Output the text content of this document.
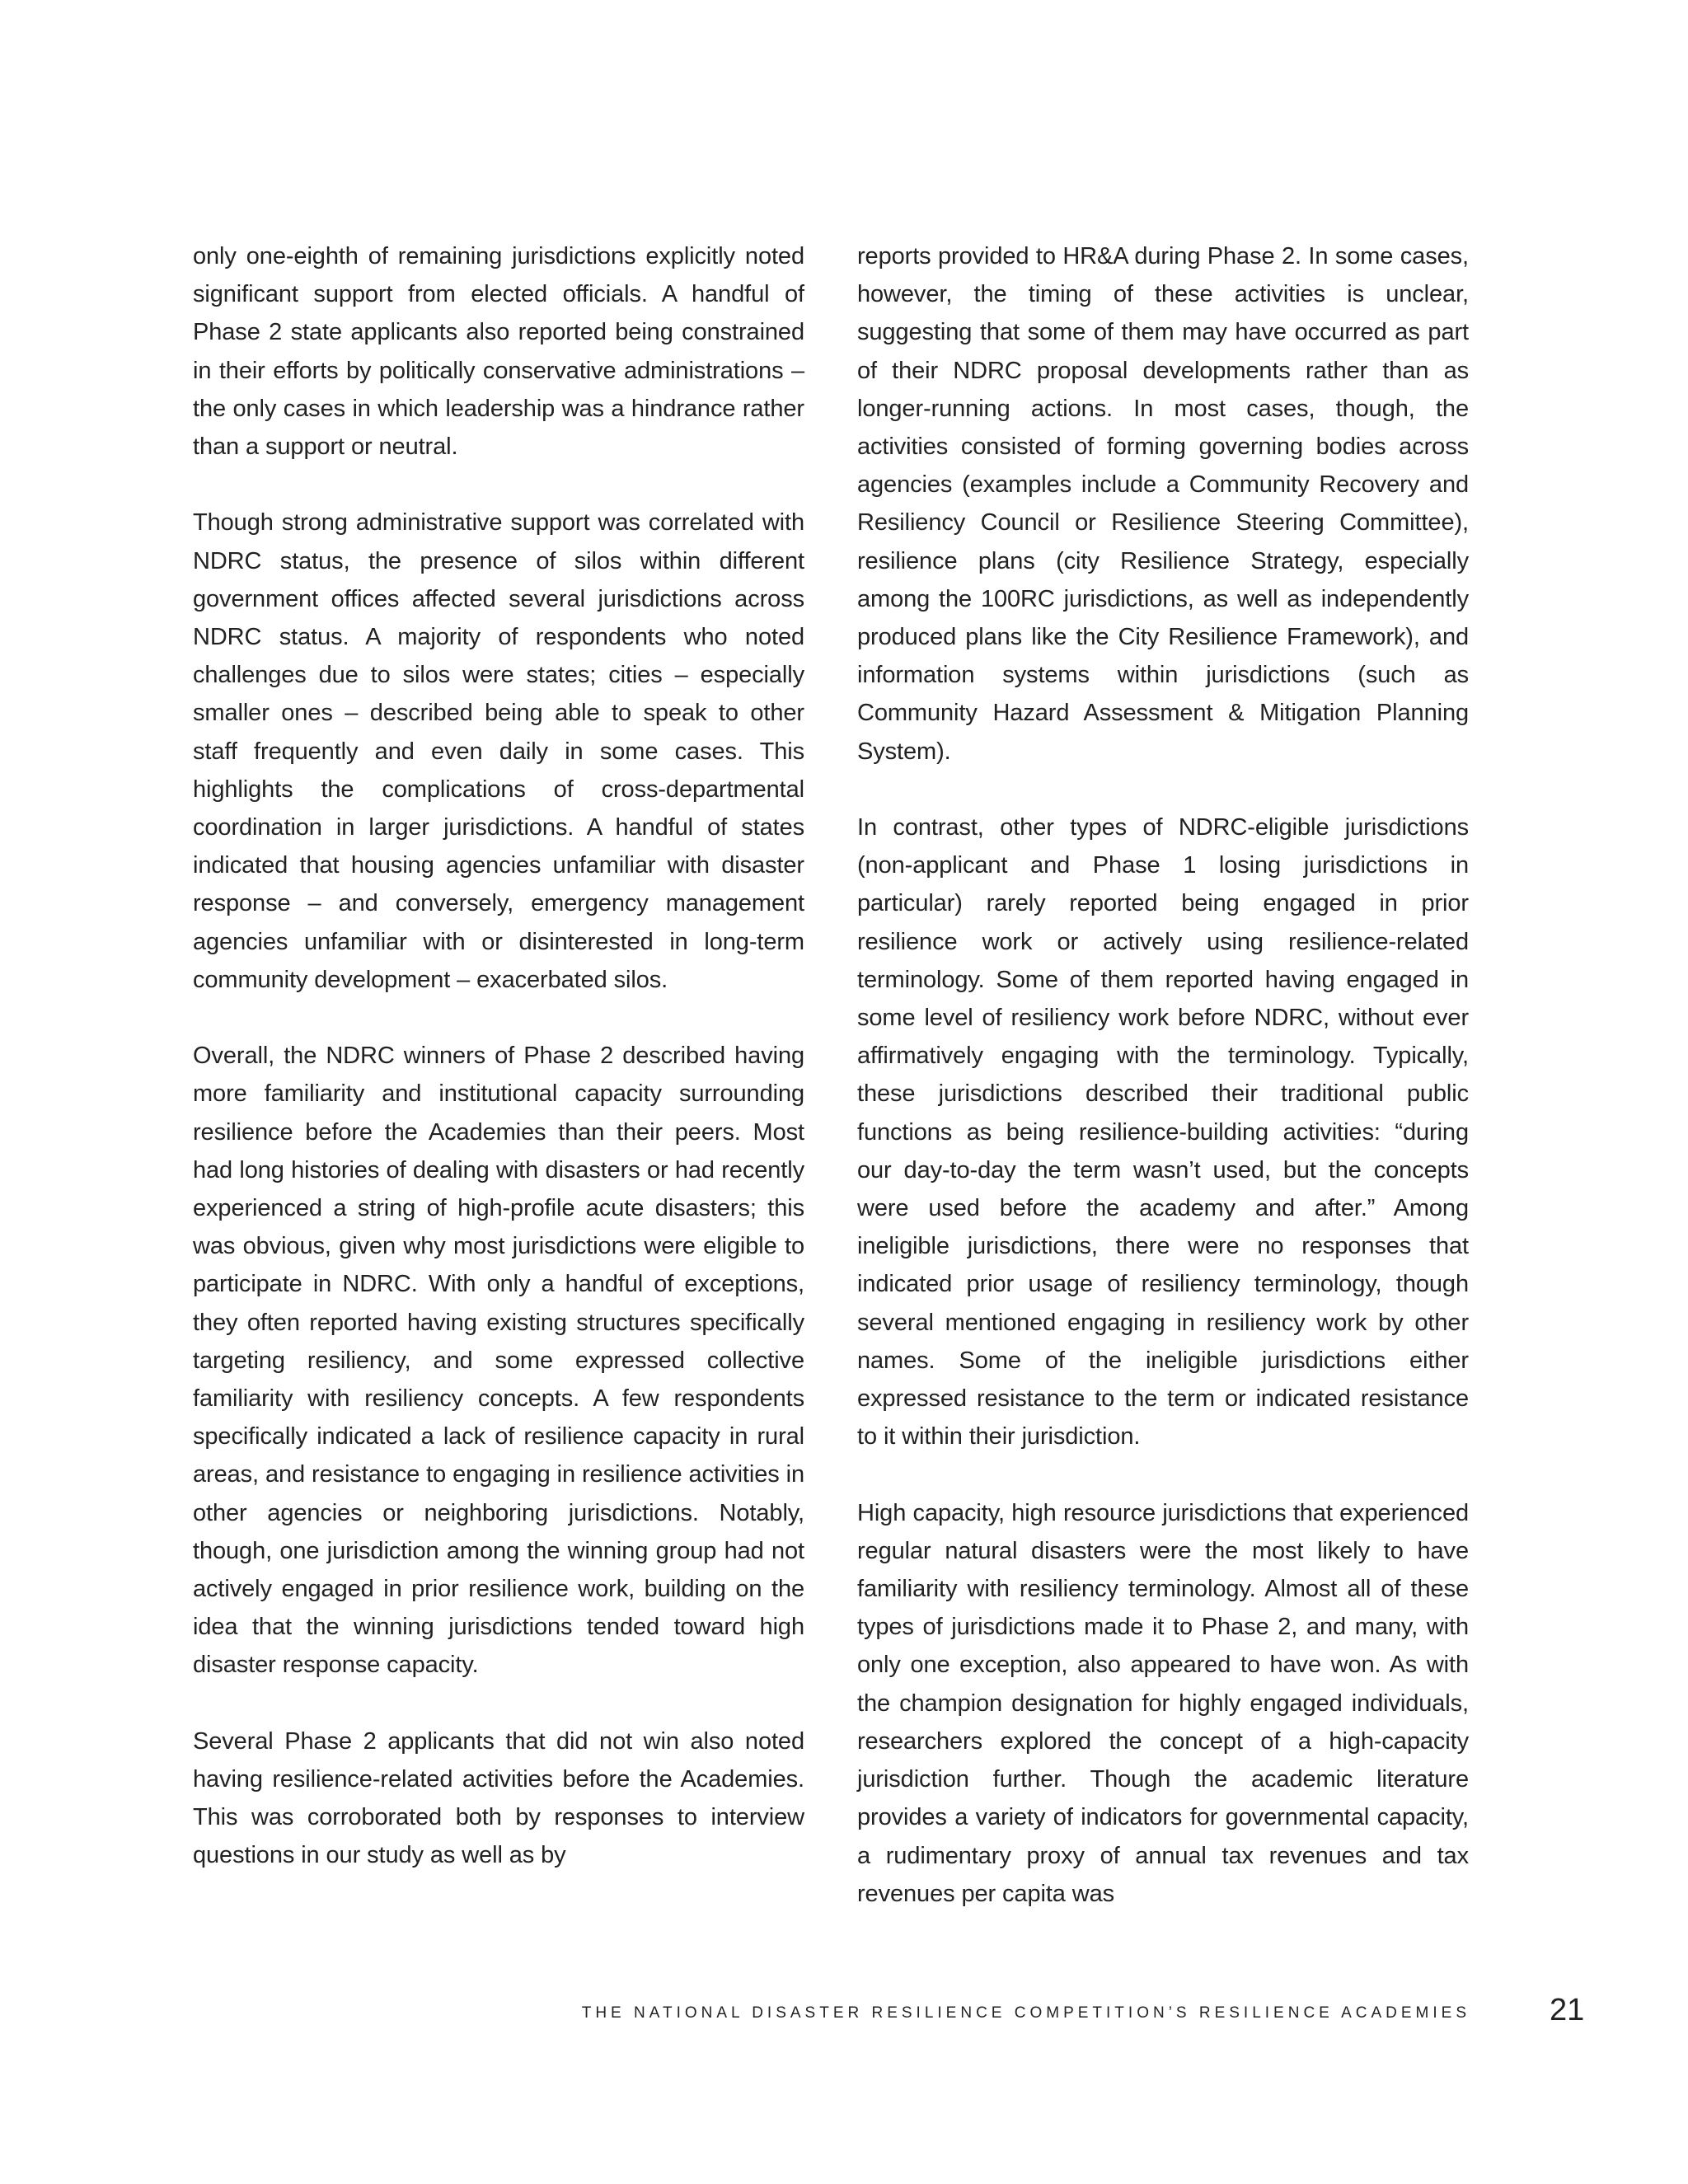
only one-eighth of remaining jurisdictions explicitly noted significant support from elected officials. A handful of Phase 2 state applicants also reported being constrained in their efforts by politically conservative administrations – the only cases in which leadership was a hindrance rather than a support or neutral.

Though strong administrative support was correlated with NDRC status, the presence of silos within different government offices affected several jurisdictions across NDRC status. A majority of respondents who noted challenges due to silos were states; cities – especially smaller ones – described being able to speak to other staff frequently and even daily in some cases. This highlights the complications of cross-departmental coordination in larger jurisdictions. A handful of states indicated that housing agencies unfamiliar with disaster response – and conversely, emergency management agencies unfamiliar with or disinterested in long-term community development – exacerbated silos.

Overall, the NDRC winners of Phase 2 described having more familiarity and institutional capacity surrounding resilience before the Academies than their peers. Most had long histories of dealing with disasters or had recently experienced a string of high-profile acute disasters; this was obvious, given why most jurisdictions were eligible to participate in NDRC. With only a handful of exceptions, they often reported having existing structures specifically targeting resiliency, and some expressed collective familiarity with resiliency concepts. A few respondents specifically indicated a lack of resilience capacity in rural areas, and resistance to engaging in resilience activities in other agencies or neighboring jurisdictions. Notably, though, one jurisdiction among the winning group had not actively engaged in prior resilience work, building on the idea that the winning jurisdictions tended toward high disaster response capacity.

Several Phase 2 applicants that did not win also noted having resilience-related activities before the Academies. This was corroborated both by responses to interview questions in our study as well as by

reports provided to HR&A during Phase 2. In some cases, however, the timing of these activities is unclear, suggesting that some of them may have occurred as part of their NDRC proposal developments rather than as longer-running actions. In most cases, though, the activities consisted of forming governing bodies across agencies (examples include a Community Recovery and Resiliency Council or Resilience Steering Committee), resilience plans (city Resilience Strategy, especially among the 100RC jurisdictions, as well as independently produced plans like the City Resilience Framework), and information systems within jurisdictions (such as Community Hazard Assessment & Mitigation Planning System).

In contrast, other types of NDRC-eligible jurisdictions (non-applicant and Phase 1 losing jurisdictions in particular) rarely reported being engaged in prior resilience work or actively using resilience-related terminology. Some of them reported having engaged in some level of resiliency work before NDRC, without ever affirmatively engaging with the terminology. Typically, these jurisdictions described their traditional public functions as being resilience-building activities: “during our day-to-day the term wasn’t used, but the concepts were used before the academy and after.” Among ineligible jurisdictions, there were no responses that indicated prior usage of resiliency terminology, though several mentioned engaging in resiliency work by other names. Some of the ineligible jurisdictions either expressed resistance to the term or indicated resistance to it within their jurisdiction.

High capacity, high resource jurisdictions that experienced regular natural disasters were the most likely to have familiarity with resiliency terminology. Almost all of these types of jurisdictions made it to Phase 2, and many, with only one exception, also appeared to have won. As with the champion designation for highly engaged individuals, researchers explored the concept of a high-capacity jurisdiction further. Though the academic literature provides a variety of indicators for governmental capacity, a rudimentary proxy of annual tax revenues and tax revenues per capita was

THE NATIONAL DISASTER RESILIENCE COMPETITION’S RESILIENCE ACADEMIES	21
